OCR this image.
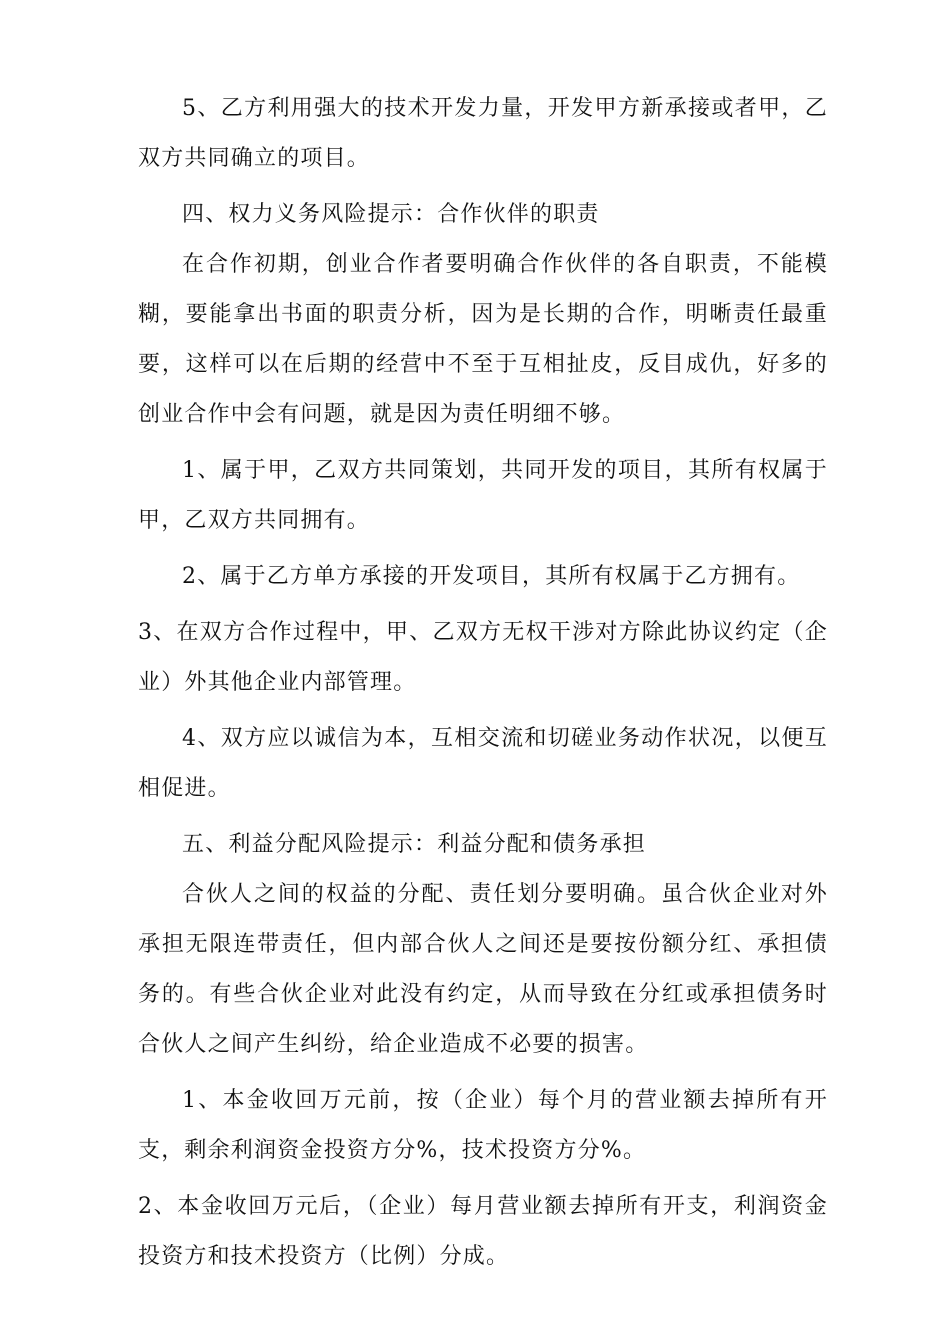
5、乙方利用强大的技术开发力量，开发甲方新承接或者甲，乙双方共同确立的项目。

四、权力义务风险提示：合作伙伴的职责

在合作初期，创业合作者要明确合作伙伴的各自职责，不能模糊，要能拿出书面的职责分析，因为是长期的合作，明晰责任最重要，这样可以在后期的经营中不至于互相扯皮，反目成仇，好多的创业合作中会有问题，就是因为责任明细不够。

1、属于甲，乙双方共同策划，共同开发的项目，其所有权属于甲，乙双方共同拥有。

2、属于乙方单方承接的开发项目，其所有权属于乙方拥有。

3、在双方合作过程中，甲、乙双方无权干涉对方除此协议约定（企业）外其他企业内部管理。

4、双方应以诚信为本，互相交流和切磋业务动作状况，以便互相促进。

五、利益分配风险提示：利益分配和债务承担

合伙人之间的权益的分配、责任划分要明确。虽合伙企业对外承担无限连带责任，但内部合伙人之间还是要按份额分红、承担债务的。有些合伙企业对此没有约定，从而导致在分红或承担债务时合伙人之间产生纠纷，给企业造成不必要的损害。

1、本金收回万元前，按（企业）每个月的营业额去掉所有开支，剩余利润资金投资方分%，技术投资方分%。

2、本金收回万元后，（企业）每月营业额去掉所有开支，利润资金投资方和技术投资方（比例）分成。
